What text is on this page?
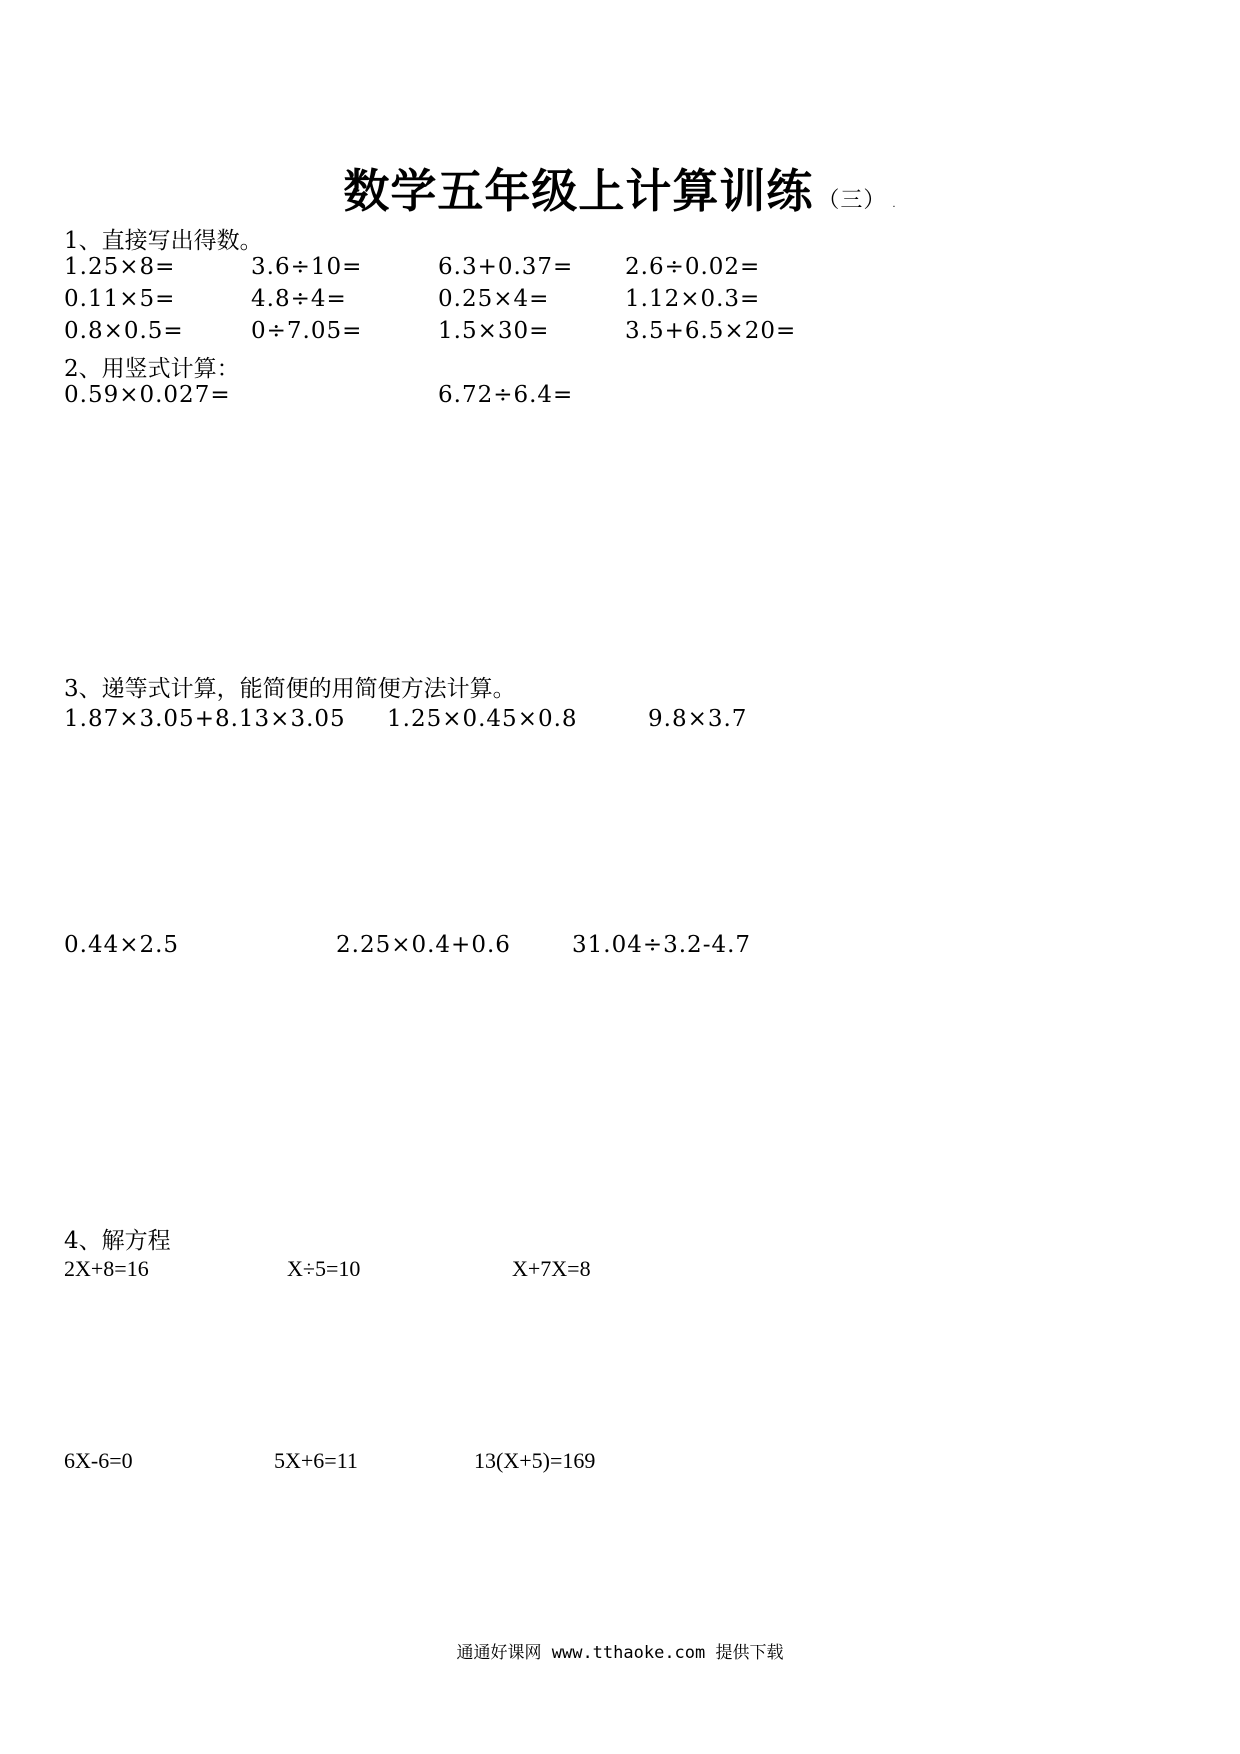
数学五年级上计算训练 （三） .
1、直接写出得数。
1.25×8=	3.6÷10=	6.3+0.37= 2.6÷0.02=
0.11×5=	4.8÷4=	0.25×4=	1.12×0.3=
0.8×0.5=	0÷7.05=	1.5×30=	3.5+6.5×20=
2、用竖式计算：
0.59×0.027=	6.72÷6.4=
3、递等式计算，能简便的用简便方法计算。
1.87×3.05+8.13×3.05 1.25×0.45×0.8	9.8×3.7
0.44×2.5	2.25×0.4+0.6	31.04÷3.2-4.7
4、解方程
2X+8=16	X÷5=10	X+7X=8
6X-6=0	5X+6=11	13(X+5)=169
通通好课网 www.tthaoke.com 提供下载
